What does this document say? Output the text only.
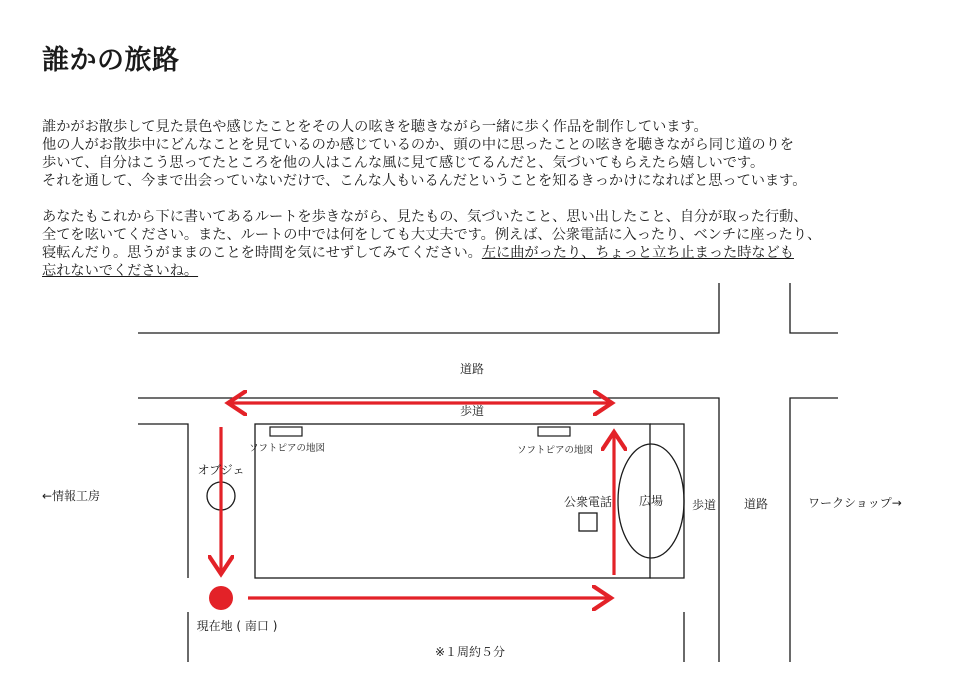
誰かの旅路
誰かがお散歩して見た景色や感じたことをその人の呟きを聴きながら一緒に歩く作品を制作しています。
他の人がお散歩中にどんなことを見ているのか感じているのか、頭の中に思ったことの呟きを聴きながら同じ道のりを
歩いて、自分はこう思ってたところを他の人はこんな風に見て感じてるんだと、気づいてもらえたら嬉しいです。
それを通して、今まで出会っていないだけで、こんな人もいるんだということを知るきっかけになればと思っています。
あなたもこれから下に書いてあるルートを歩きながら、見たもの、気づいたこと、思い出したこと、自分が取った行動、
全てを呟いてください。また、ルートの中では何をしても大丈夫です。例えば、公衆電話に入ったり、ベンチに座ったり、
寝転んだり。思うがままのことを時間を気にせずしてみてください。左に曲がったり、ちょっと立ち止まった時なども
忘れないでくださいね。
道路
歩道
ソフトピアの地図	ソフトピアの地図
オブジェ
←情報工房	公衆電話 広場 歩道 道路	ワークショップ→
現在地 ( 南口 )
※１周約５分
